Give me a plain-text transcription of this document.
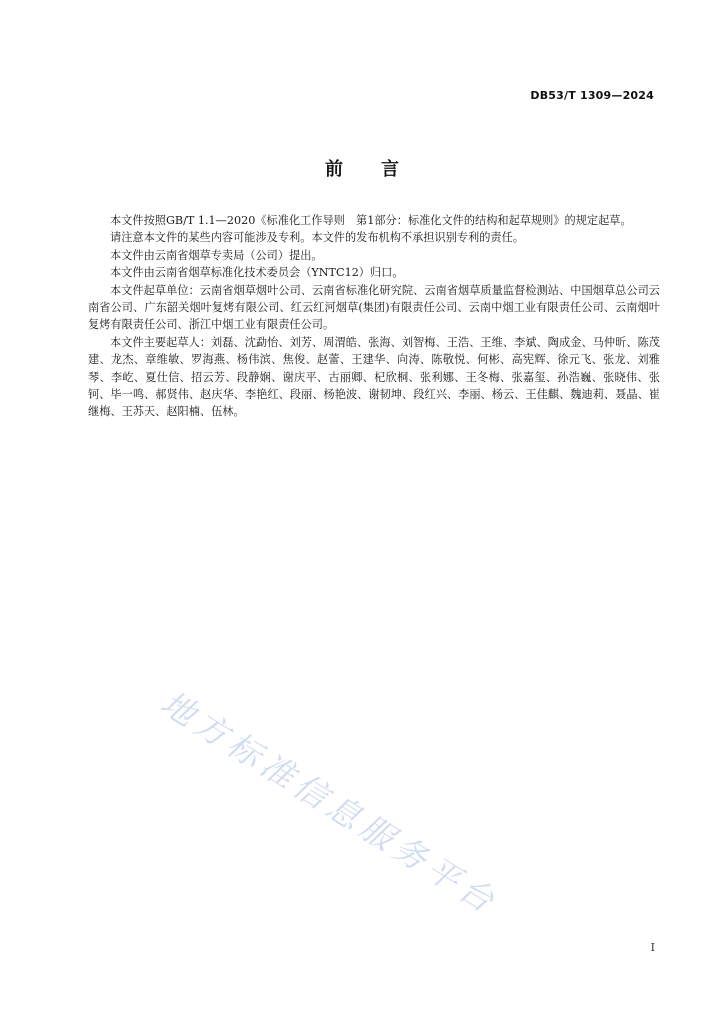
DB53/T 1309—2024
前言

本文件按照GB/T 1.1—2020《标准化工作导则　第1部分：标准化文件的结构和起草规则》的规定起草。

请注意本文件的某些内容可能涉及专利。本文件的发布机构不承担识别专利的责任。

本文件由云南省烟草专卖局（公司）提出。

本文件由云南省烟草标准化技术委员会（YNTC12）归口。

本文件起草单位：云南省烟草烟叶公司、云南省标准化研究院、云南省烟草质量监督检测站、中国烟草总公司云南省公司、广东韶关烟叶复烤有限公司、红云红河烟草(集团)有限责任公司、云南中烟工业有限责任公司、云南烟叶复烤有限责任公司、浙江中烟工业有限责任公司。

本文件主要起草人：刘磊、沈勐怡、刘芳、周渭皓、张海、刘智梅、王浩、王维、李斌、陶成金、马仲昕、陈茂建、龙杰、章维敏、罗海燕、杨伟滨、焦俊、赵蕾、王建华、向涛、陈敬悦、何彬、高宪辉、徐元飞、张龙、刘雅琴、李屹、夏仕信、招云芳、段静娴、谢庆平、古丽卿、杞欣桐、张利娜、王冬梅、张嘉玺、孙浩巍、张晓伟、张钶、毕一鸣、郝贤伟、赵庆华、李艳红、段丽、杨艳波、谢韧坤、段红兴、李丽、杨云、王佳麒、魏迪莉、聂晶、崔继梅、王苏天、赵阳楠、伍林。

地方标准信息服务平台
I
